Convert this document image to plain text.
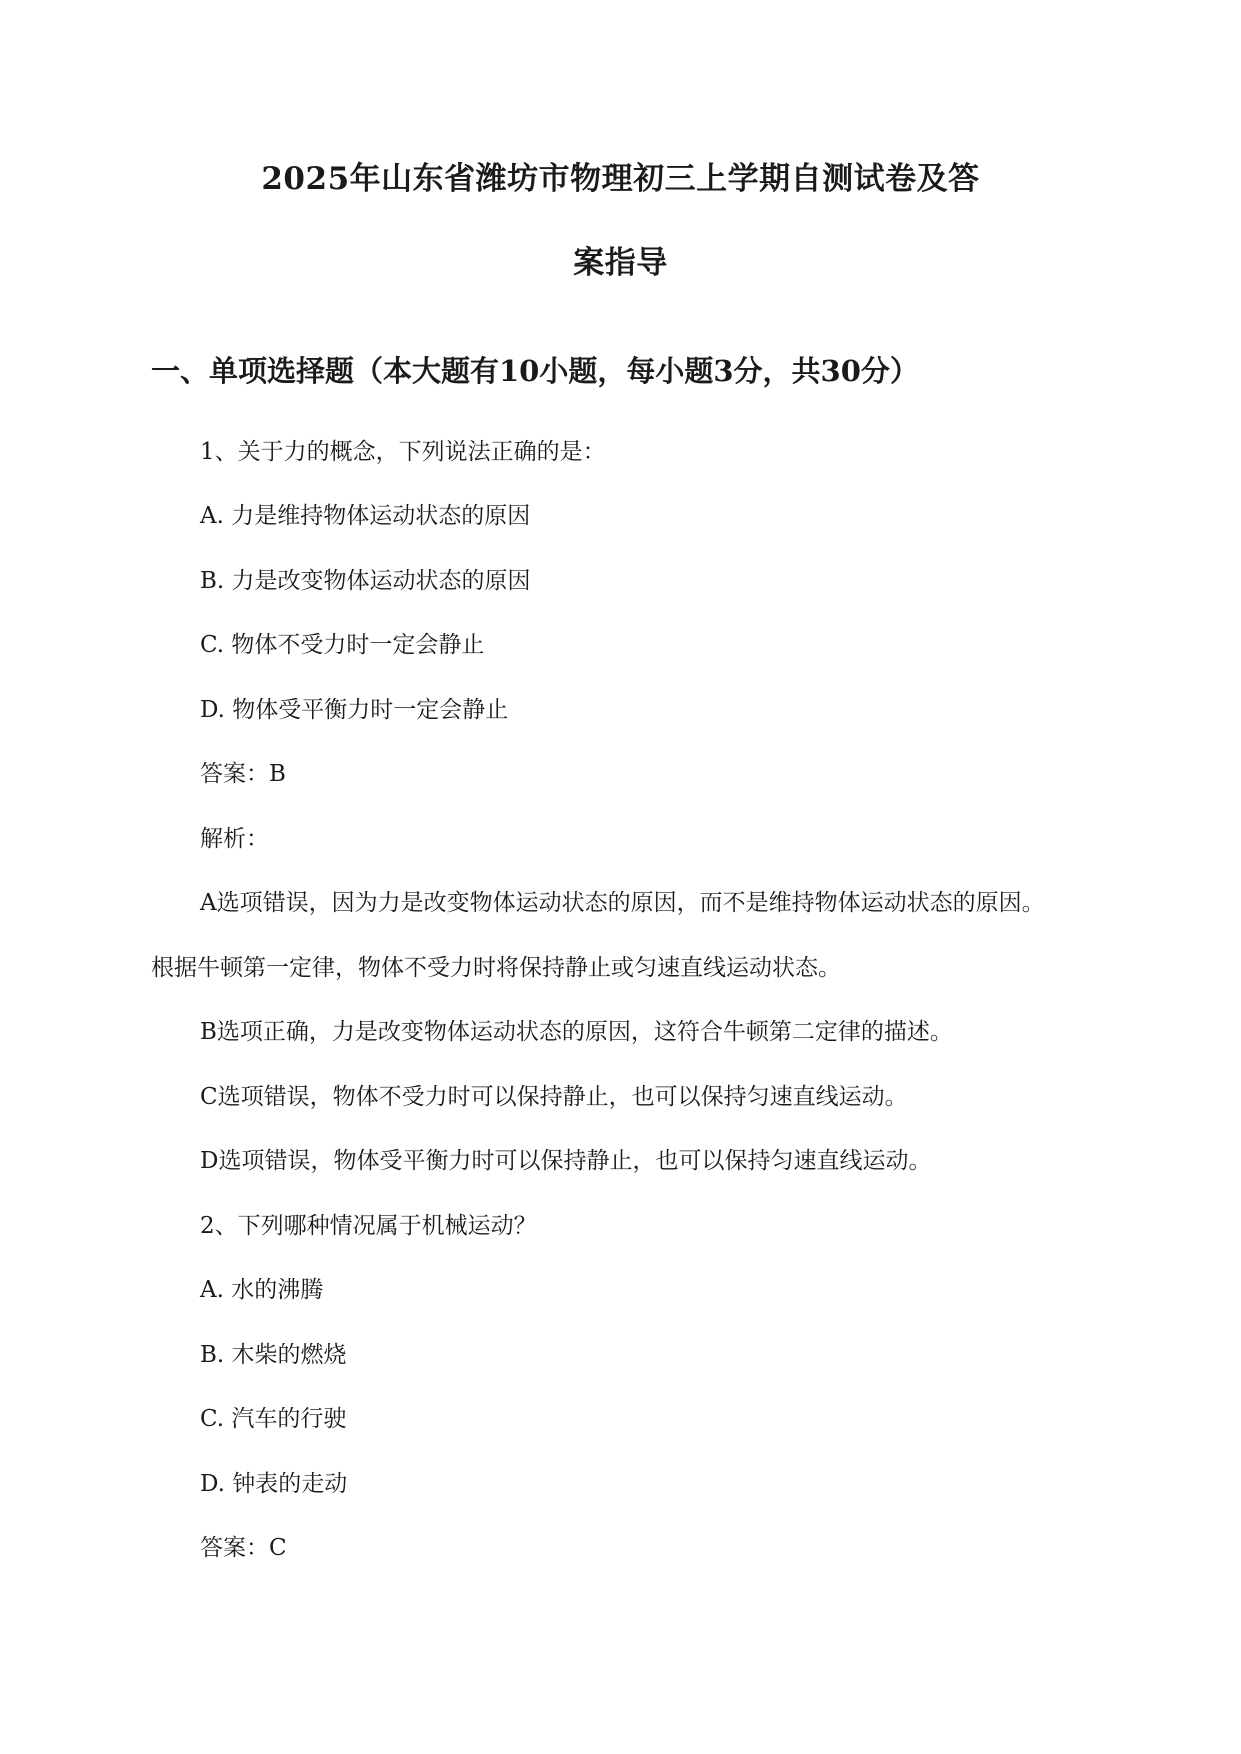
2025年山东省潍坊市物理初三上学期自测试卷及答
案指导
一、单项选择题（本大题有10小题，每小题3分，共30分）
1、关于力的概念，下列说法正确的是：
A. 力是维持物体运动状态的原因
B. 力是改变物体运动状态的原因
C. 物体不受力时一定会静止
D. 物体受平衡力时一定会静止
答案：B
解析：
A选项错误，因为力是改变物体运动状态的原因，而不是维持物体运动状态的原因。
根据牛顿第一定律，物体不受力时将保持静止或匀速直线运动状态。
B选项正确，力是改变物体运动状态的原因，这符合牛顿第二定律的描述。
C选项错误，物体不受力时可以保持静止，也可以保持匀速直线运动。
D选项错误，物体受平衡力时可以保持静止，也可以保持匀速直线运动。
2、下列哪种情况属于机械运动？
A. 水的沸腾
B. 木柴的燃烧
C. 汽车的行驶
D. 钟表的走动
答案：C
